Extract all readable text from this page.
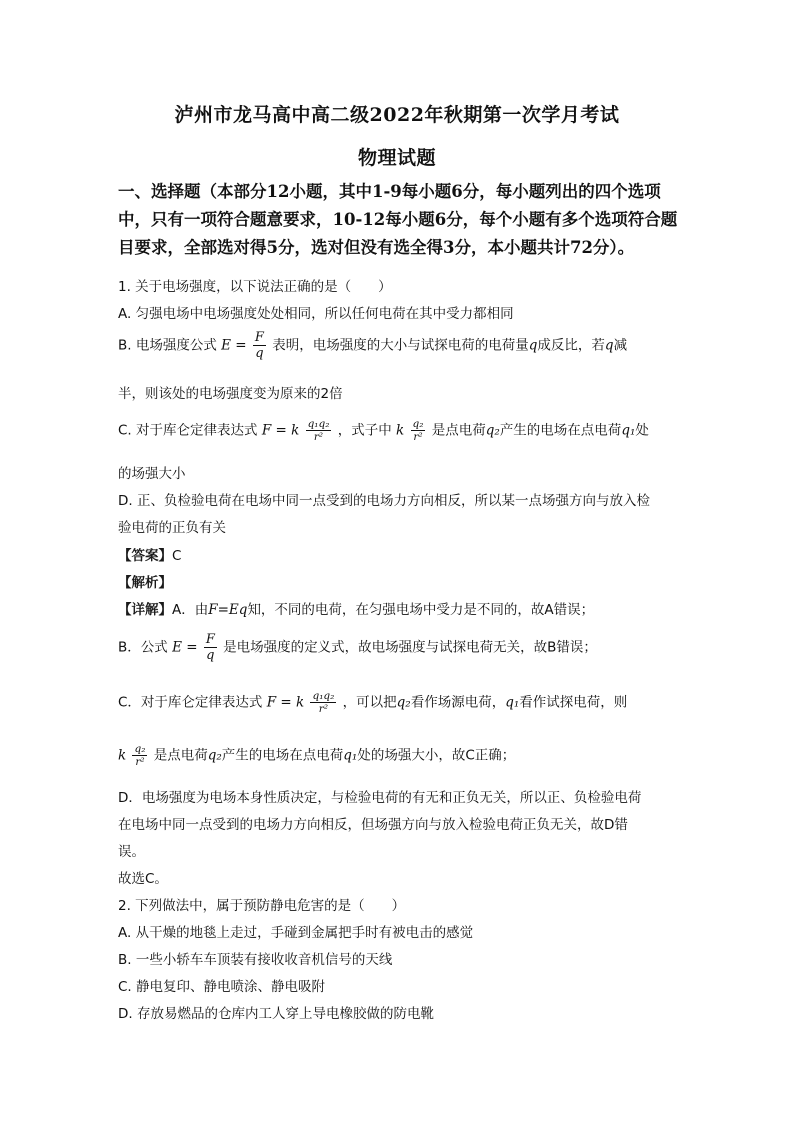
泸州市龙马高中高二级2022年秋期第一次学月考试
物理试题
一、选择题（本部分12小题，其中1-9每小题6分，每小题列出的四个选项
中，只有一项符合题意要求，10-12每小题6分，每个小题有多个选项符合题
目要求，全部选对得5分，选对但没有选全得3分，本小题共计72分）。
1. 关于电场强度，以下说法正确的是（　　）
A. 匀强电场中电场强度处处相同，所以任何电荷在其中受力都相同
B. 电场强度公式 $E = \frac{F}{q}$ 表明，电场强度的大小与试探电荷的电荷量q成反比，若q减
半，则该处的电场强度变为原来的2倍
C. 对于库仑定律表达式 F = k $\frac{\text{q₁q₂}}{\text{r²}}$ ，式子中 k $\frac{\text{q₂}}{\text{r²}}$ 是点电荷q₂产生的电场在点电荷q₁处
的场强大小
D. 正、负检验电荷在电场中同一点受到的电场力方向相反，所以某一点场强方向与放入检
验电荷的正负有关
【答案】C
【解析】
【详解】A．由F=Eq知，不同的电荷，在匀强电场中受力是不同的，故A错误；
B．公式 $E = \frac{F}{q}$ 是电场强度的定义式，故电场强度与试探电荷无关，故B错误；
C．对于库仑定律表达式 F = k $\frac{\text{q₁q₂}}{\text{r²}}$ ，可以把q₂看作场源电荷，q₁看作试探电荷，则
k $\frac{\text{q₂}}{\text{r²}}$ 是点电荷q₂产生的电场在点电荷q₁处的场强大小，故C正确；
D．电场强度为电场本身性质决定，与检验电荷的有无和正负无关，所以正、负检验电荷
在电场中同一点受到的电场力方向相反，但场强方向与放入检验电荷正负无关，故D错
误。
故选C。
2. 下列做法中，属于预防静电危害的是（　　）
A. 从干燥的地毯上走过，手碰到金属把手时有被电击的感觉
B. 一些小轿车车顶装有接收收音机信号的天线
C. 静电复印、静电喷涂、静电吸附
D. 存放易燃品的仓库内工人穿上导电橡胶做的防电靴
